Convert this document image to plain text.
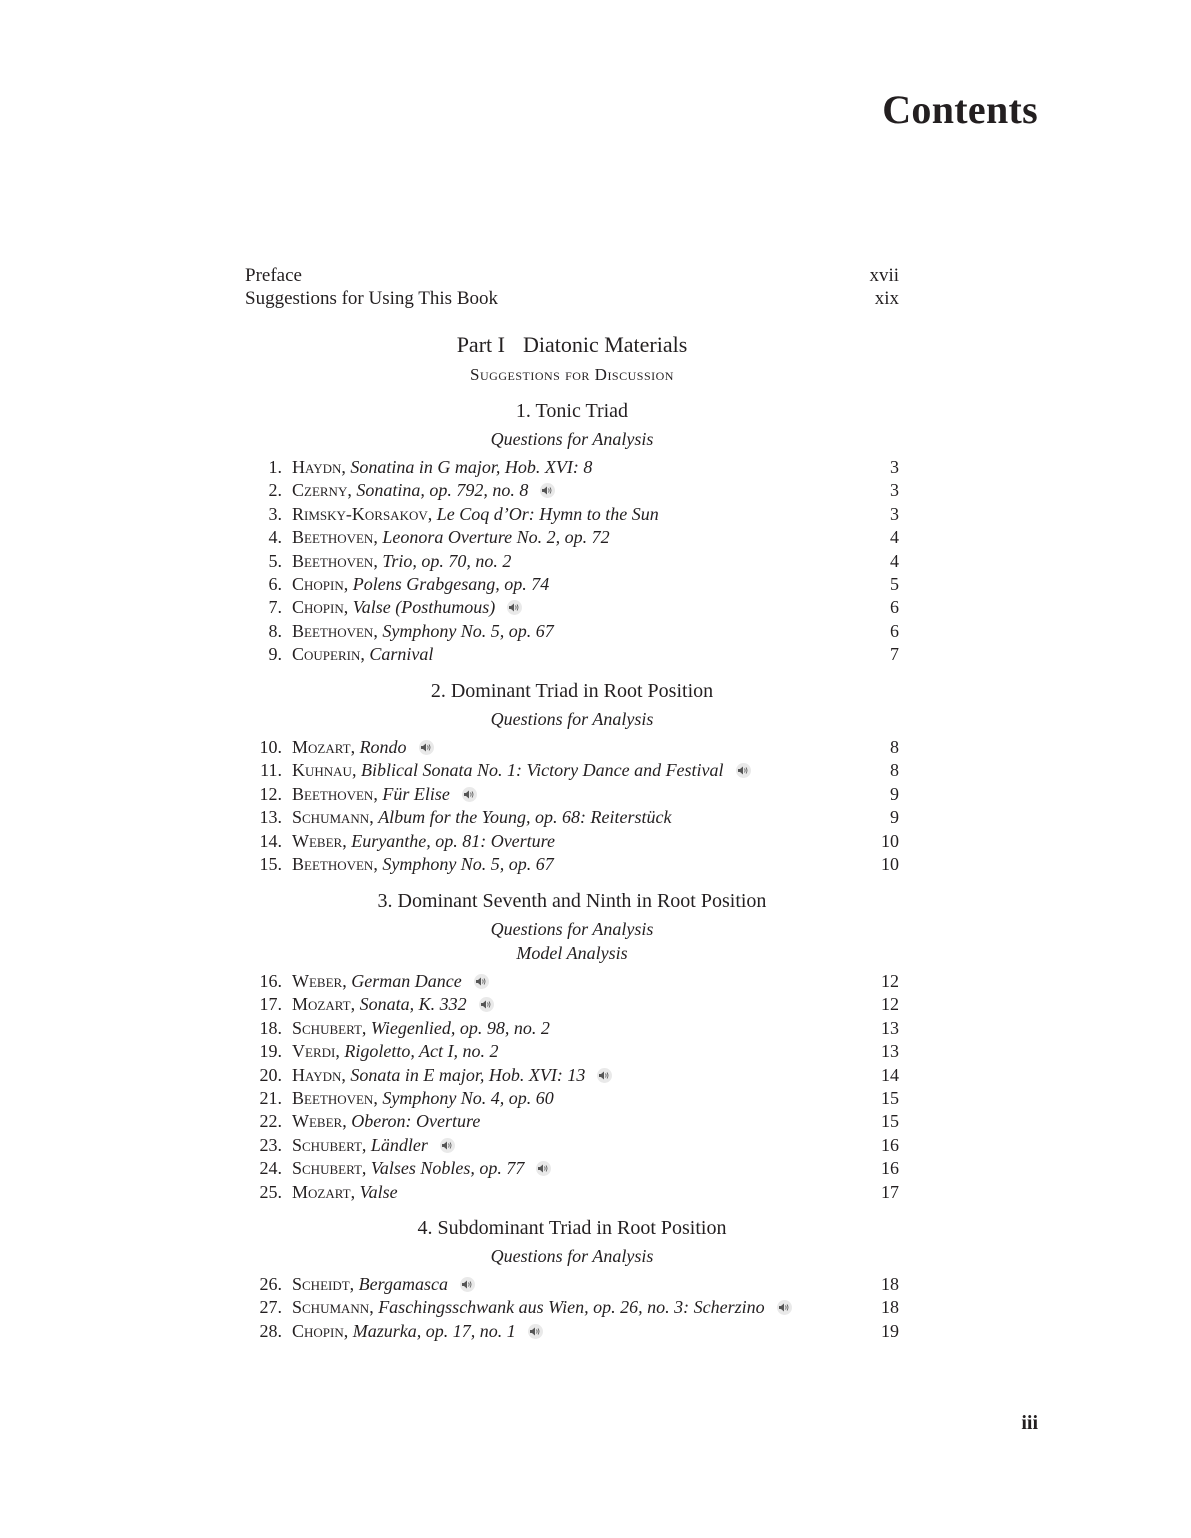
Contents
Preface	xvii
Suggestions for Using This Book	xix
Part I Diatonic Materials
Suggestions for Discussion
1. Tonic Triad
Questions for Analysis
1. Haydn, Sonatina in G major, Hob. XVI: 8	3
2. Czerny, Sonatina, op. 792, no. 8	3
3. Rimsky-Korsakov, Le Coq d’Or: Hymn to the Sun	3
4. Beethoven, Leonora Overture No. 2, op. 72	4
5. Beethoven, Trio, op. 70, no. 2	4
6. Chopin, Polens Grabgesang, op. 74	5
7. Chopin, Valse (Posthumous)	6
8. Beethoven, Symphony No. 5, op. 67	6
9. Couperin, Carnival	7
2. Dominant Triad in Root Position
Questions for Analysis
10. Mozart, Rondo	8
11. Kuhnau, Biblical Sonata No. 1: Victory Dance and Festival	8
12. Beethoven, Für Elise	9
13. Schumann, Album for the Young, op. 68: Reiterstück	9
14. Weber, Euryanthe, op. 81: Overture	10
15. Beethoven, Symphony No. 5, op. 67	10
3. Dominant Seventh and Ninth in Root Position
Questions for Analysis
Model Analysis
16. Weber, German Dance	12
17. Mozart, Sonata, K. 332	12
18. Schubert, Wiegenlied, op. 98, no. 2	13
19. Verdi, Rigoletto, Act I, no. 2	13
20. Haydn, Sonata in E major, Hob. XVI: 13	14
21. Beethoven, Symphony No. 4, op. 60	15
22. Weber, Oberon: Overture	15
23. Schubert, Ländler	16
24. Schubert, Valses Nobles, op. 77	16
25. Mozart, Valse	17
4. Subdominant Triad in Root Position
Questions for Analysis
26. Scheidt, Bergamasca	18
27. Schumann, Faschingsschwank aus Wien, op. 26, no. 3: Scherzino	18
28. Chopin, Mazurka, op. 17, no. 1	19
iii
